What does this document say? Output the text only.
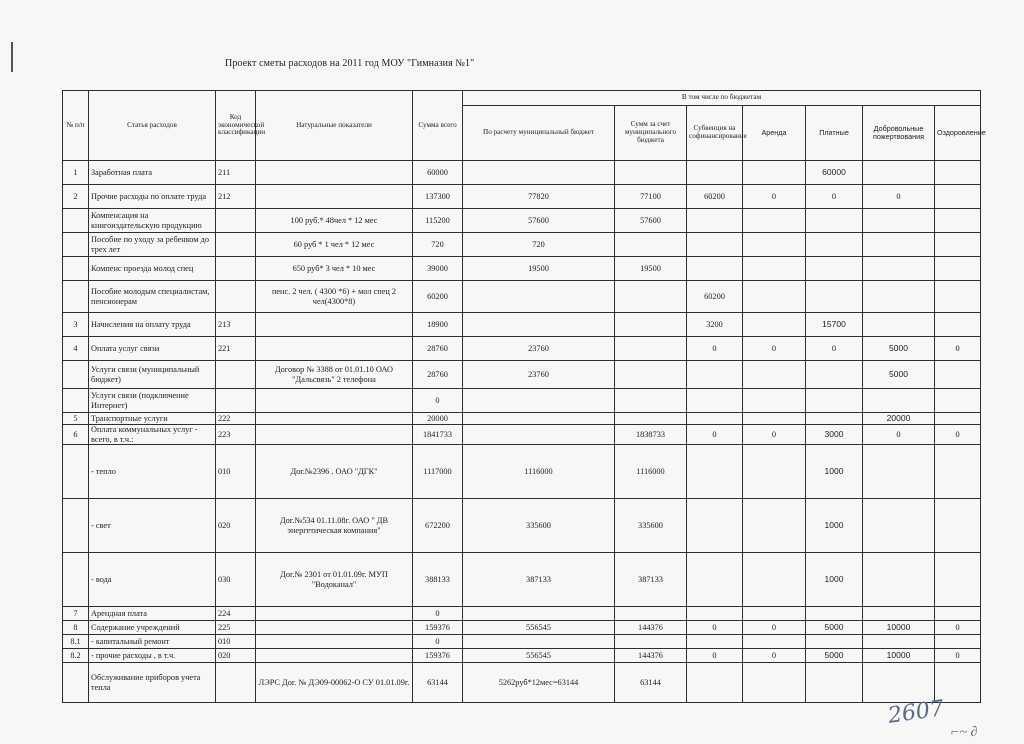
Проект сметы расходов на 2011 год МОУ "Гимназия №1"
№ п/п	Статья расходов	Код экономической классификации	Натуральные показатели	Сумма всего	В том числе по бюджетам						
					По расчету муниципальный бюджет	Сумм за счет муниципального бюджета	Субвенция на софинансирование	Аренда	Платные	Добровольные пожертвования	Оздоровление
1	Заработная плата	211		60000					60000		
2	Прочие расходы по оплате труда	212		137300	77820	77100	60200	0	0	0	
	Компенсация на книгоиздательскую продукцию		100 руб.* 48чел * 12 мес	115200	57600	57600					
	Пособие по уходу за ребенком до трех лет		60 руб * 1 чел * 12 мес	720	720						
	Компенс проезда молод спец		650 руб* 3 чел * 10 мес	39000	19500	19500					
	Пособие молодым специалистам, пенсионерам		пенс. 2 чел. ( 4300 *6) + мол спец 2 чел(4300*8)	60200			60200				
3	Начисления на оплату труда	213		18900			3200		15700		
4	Оплата услуг связи	221		28760	23760		0	0	0	5000	0
	Услуги связи (муниципальный бюджет)		Договор № 3388 от 01.01.10 ОАО "Дальсвязь" 2 телефона	28760	23760					5000	
	Услуги связи (подключение Интернет)			0							
5	Транспортные услуги	222		20000						20000	
6	Оплата коммунальных услуг - всего, в т.ч.:	223		1841733		1838733	0	0	3000	0	0
	- тепло	010	Дог.№2396 . ОАО "ДГК"	1117000	1116000	1116000			1000		
	- свет	020	Дог.№534 01.11.08г. ОАО " ДВ энергетическая компания"	672200	335600	335600			1000		
	- вода	030	Дог.№ 2301 от 01.01.09г. МУП "Водоканал"	388133	387133	387133			1000		
7	Арендная плата	224		0							
8	Содержание учреждений	225		159376	556545	144376	0	0	5000	10000	0
8.1	- капитальный ремонт	010		0							
8.2	- прочие расходы , в т.ч.	020		159376	556545	144376	0	0	5000	10000	0
	Обслуживание приборов учета тепла		ЛЭРС Дог. № ДЭ09-00062-О СУ 01.01.09г.	63144	5262руб*12мес=63144	63144					
2607
⌐~ ∂
